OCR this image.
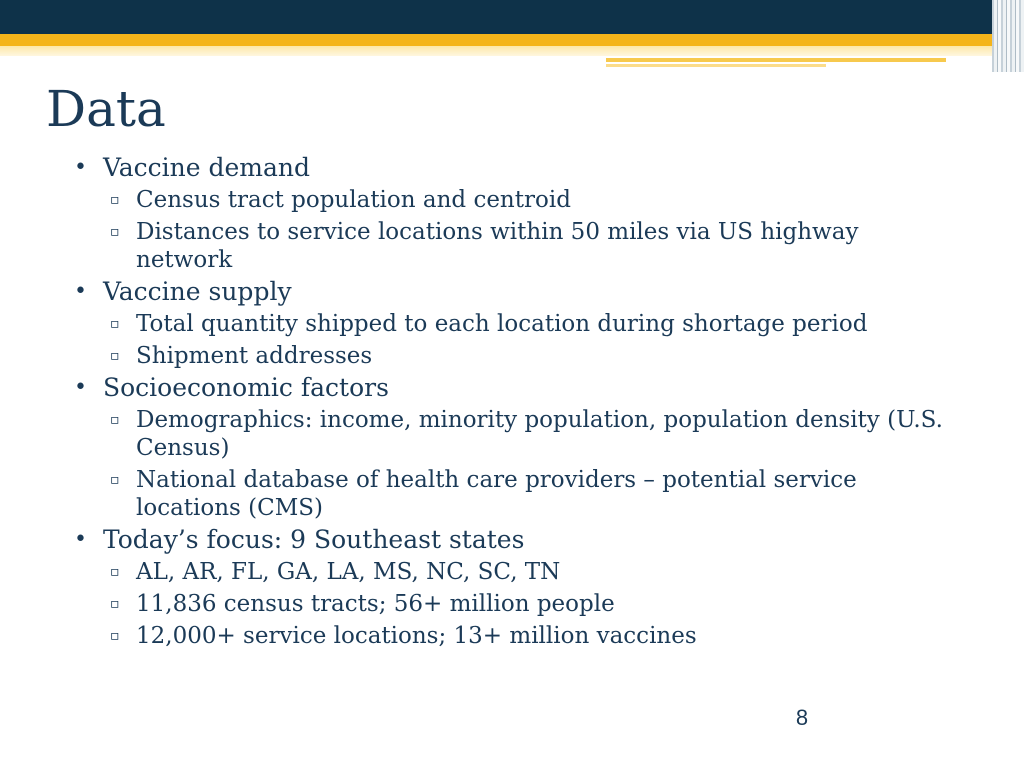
Data
• Vaccine demand
▫ Census tract population and centroid
▫ Distances to service locations within 50 miles via US highway network
• Vaccine supply
▫ Total quantity shipped to each location during shortage period
▫ Shipment addresses
• Socioeconomic factors
▫ Demographics: income, minority population, population density (U.S. Census)
▫ National database of health care providers – potential service locations (CMS)
• Today’s focus: 9 Southeast states
▫ AL, AR, FL, GA, LA, MS, NC, SC, TN
▫ 11,836 census tracts; 56+ million people
▫ 12,000+ service locations; 13+ million vaccines
8
